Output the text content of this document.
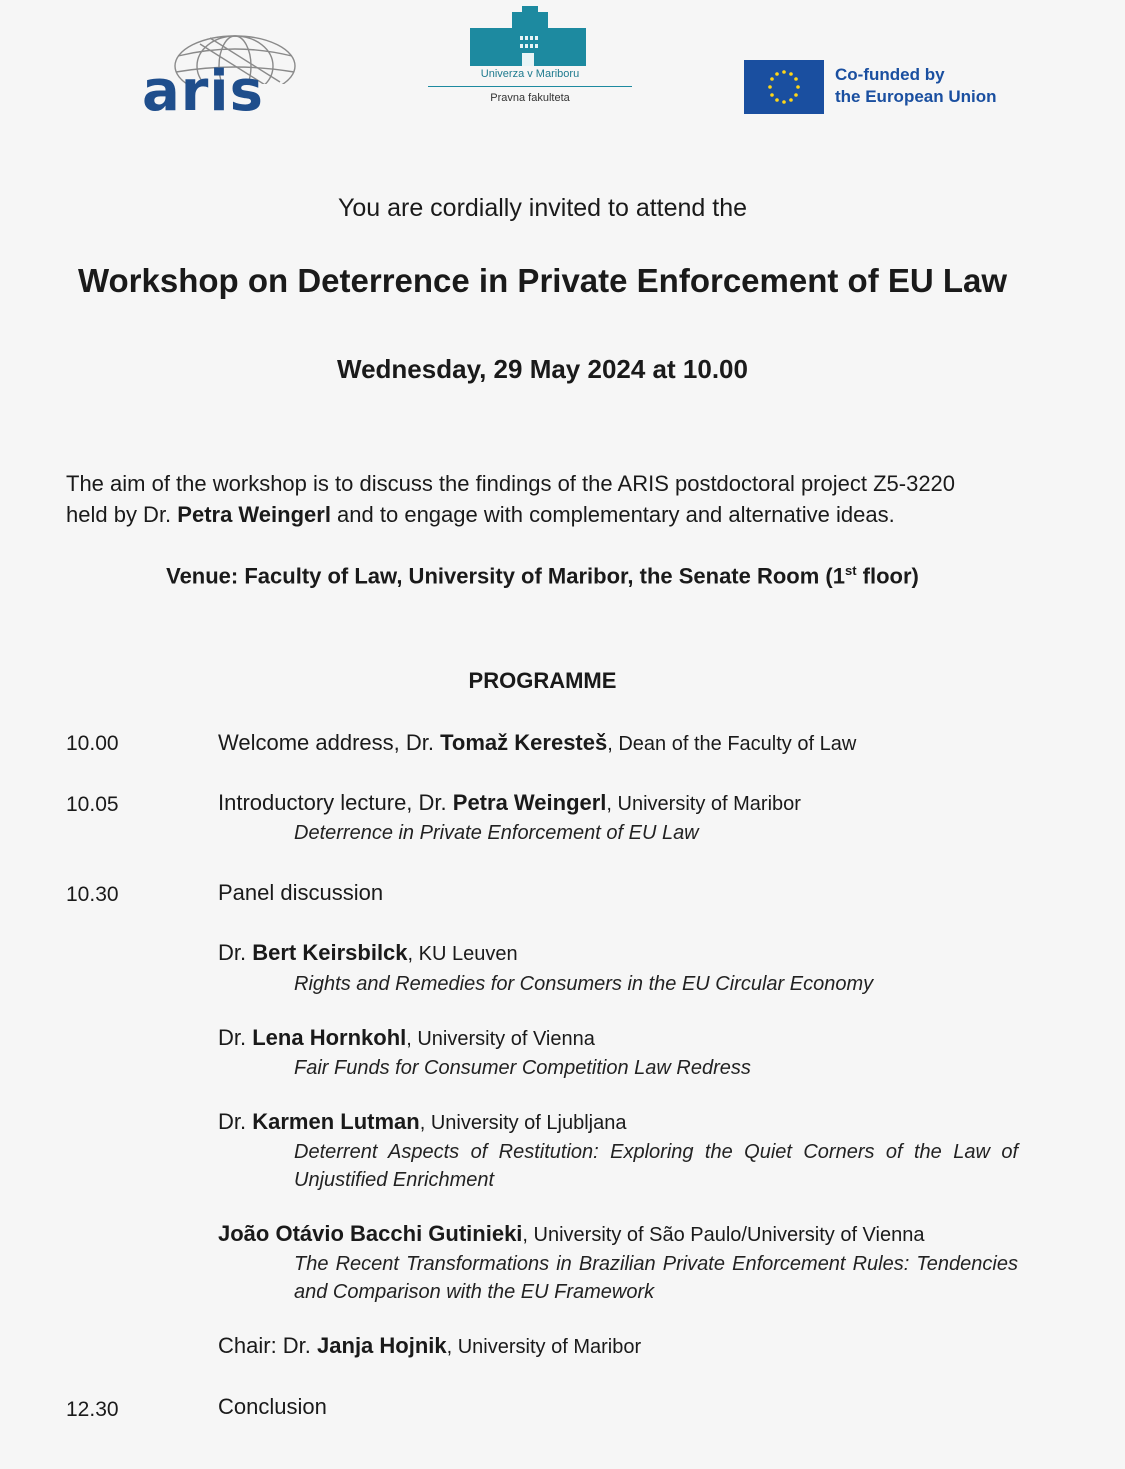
aris	Univerza v Mariboru
Pravna fakulteta
Co-funded by
the European Union
You are cordially invited to attend the
Workshop on Deterrence in Private Enforcement of EU Law
Wednesday, 29 May 2024 at 10.00
The aim of the workshop is to discuss the findings of the ARIS postdoctoral project Z5-3220
held by Dr. Petra Weingerl and to engage with complementary and alternative ideas.
Venue: Faculty of Law, University of Maribor, the Senate Room (1st floor)
PROGRAMME
10.00	Welcome address, Dr. Tomaž Keresteš, Dean of the Faculty of Law
10.05	Introductory lecture, Dr. Petra Weingerl, University of Maribor
Deterrence in Private Enforcement of EU Law
10.30	Panel discussion
Dr. Bert Keirsbilck, KU Leuven
Rights and Remedies for Consumers in the EU Circular Economy
Dr. Lena Hornkohl, University of Vienna
Fair Funds for Consumer Competition Law Redress
Dr. Karmen Lutman, University of Ljubljana
Deterrent Aspects of Restitution: Exploring the Quiet Corners of the Law of Unjustified Enrichment
João Otávio Bacchi Gutinieki, University of São Paulo/University of Vienna
The Recent Transformations in Brazilian Private Enforcement Rules: Tendencies and Comparison with the EU Framework
Chair: Dr. Janja Hojnik, University of Maribor
12.30	Conclusion
